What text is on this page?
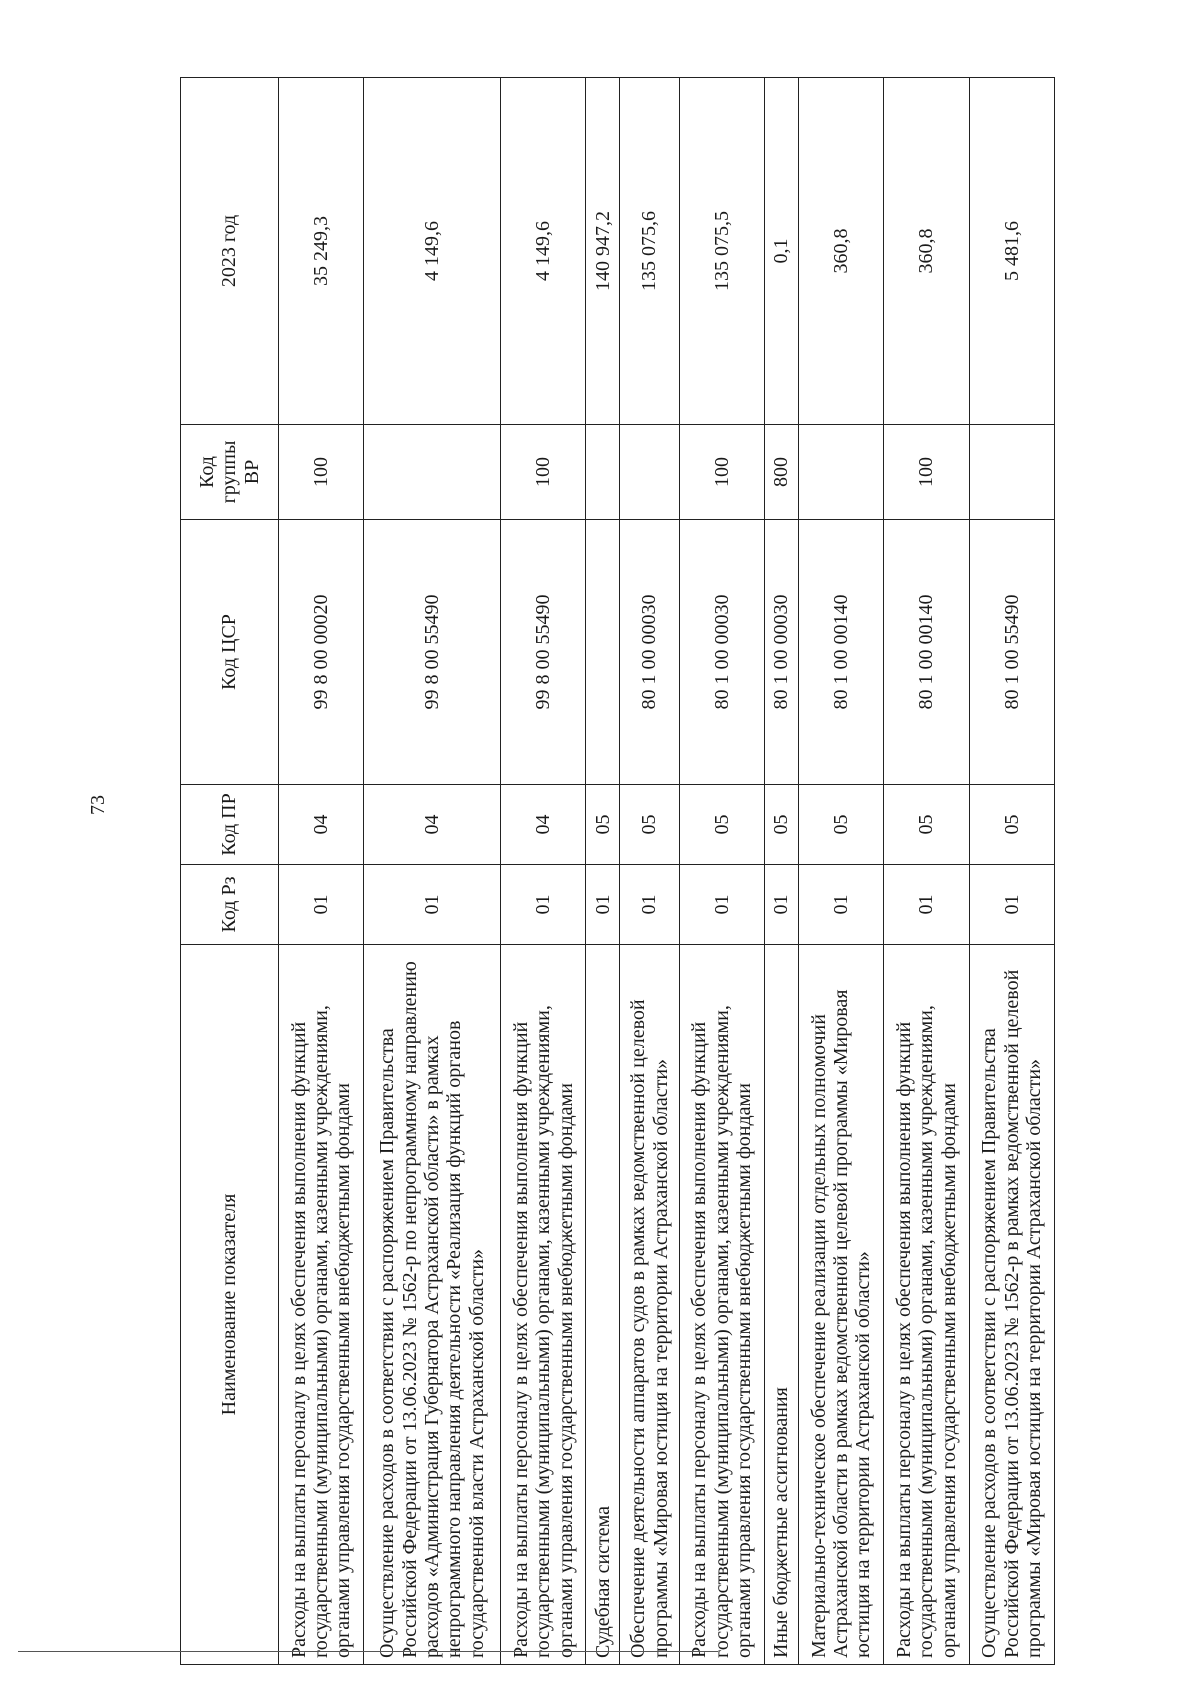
73
Наименование показателя	Код Рз	Код ПР	Код ЦСР	Код группы ВР	2023 год
Расходы на выплаты персоналу в целях обеспечения выполнения функций государственными (муниципальными) органами, казенными учреждениями, органами управления государственными внебюджетными фондами	01	04	99 8 00 00020	100	35 249,3
Осуществление расходов в соответствии с распоряжением Правительства Российской Федерации от 13.06.2023 № 1562-р по непрограммному направлению расходов «Администрация Губернатора Астраханской области» в рамках непрограммного направления деятельности «Реализация функций органов государственной власти Астраханской области»	01	04	99 8 00 55490		4 149,6
Расходы на выплаты персоналу в целях обеспечения выполнения функций государственными (муниципальными) органами, казенными учреждениями, органами управления государственными внебюджетными фондами	01	04	99 8 00 55490	100	4 149,6
Судебная система	01	05			140 947,2
Обеспечение деятельности аппаратов судов в рамках ведомственной целевой программы «Мировая юстиция на территории Астраханской области»	01	05	80 1 00 00030		135 075,6
Расходы на выплаты персоналу в целях обеспечения выполнения функций государственными (муниципальными) органами, казенными учреждениями, органами управления государственными внебюджетными фондами	01	05	80 1 00 00030	100	135 075,5
Иные бюджетные ассигнования	01	05	80 1 00 00030	800	0,1
Материально-техническое обеспечение реализации отдельных полномочий Астраханской области в рамках ведомственной целевой программы «Мировая юстиция на территории Астраханской области»	01	05	80 1 00 00140		360,8
Расходы на выплаты персоналу в целях обеспечения выполнения функций государственными (муниципальными) органами, казенными учреждениями, органами управления государственными внебюджетными фондами	01	05	80 1 00 00140	100	360,8
Осуществление расходов в соответствии с распоряжением Правительства Российской Федерации от 13.06.2023 № 1562-р в рамках ведомственной целевой программы «Мировая юстиция на территории Астраханской области»	01	05	80 1 00 55490		5 481,6
